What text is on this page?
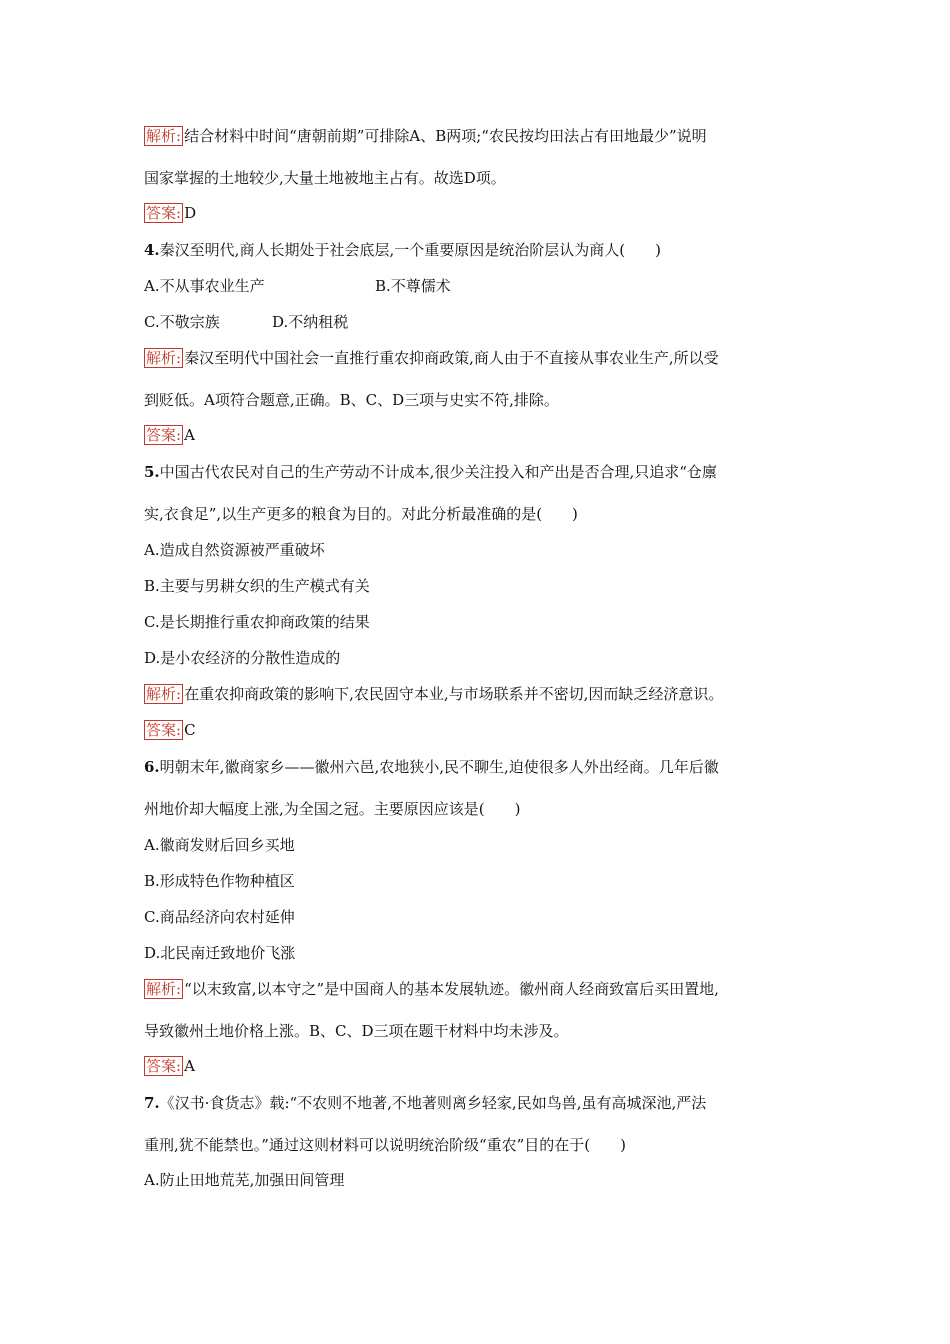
解析: 结合材料中时间“唐朝前期”可排除A、B两项;“农民按均田法占有田地最少”说明
国家掌握的土地较少,大量土地被地主占有。故选D项。
答案: D
4.秦汉至明代,商人长期处于社会底层,一个重要原因是统治阶层认为商人(　　)
A.不从事农业生产	B.不尊儒术
C.不敬宗族	D.不纳租税
解析: 秦汉至明代中国社会一直推行重农抑商政策,商人由于不直接从事农业生产,所以受
到贬低。A项符合题意,正确。B、C、D三项与史实不符,排除。
答案: A
5.中国古代农民对自己的生产劳动不计成本,很少关注投入和产出是否合理,只追求“仓廪
实,衣食足”,以生产更多的粮食为目的。对此分析最准确的是(　　)
A.造成自然资源被严重破坏
B.主要与男耕女织的生产模式有关
C.是长期推行重农抑商政策的结果
D.是小农经济的分散性造成的
解析: 在重农抑商政策的影响下,农民固守本业,与市场联系并不密切,因而缺乏经济意识。
答案: C
6.明朝末年,徽商家乡——徽州六邑,农地狭小,民不聊生,迫使很多人外出经商。几年后徽
州地价却大幅度上涨,为全国之冠。主要原因应该是(　　)
A.徽商发财后回乡买地
B.形成特色作物种植区
C.商品经济向农村延伸
D.北民南迁致地价飞涨
解析: “以末致富,以本守之”是中国商人的基本发展轨迹。徽州商人经商致富后买田置地,
导致徽州土地价格上涨。B、C、D三项在题干材料中均未涉及。
答案: A
7.《汉书·食货志》载:“不农则不地著,不地著则离乡轻家,民如鸟兽,虽有高城深池,严法
重刑,犹不能禁也。”通过这则材料可以说明统治阶级“重农”目的在于(　　)
A.防止田地荒芜,加强田间管理
